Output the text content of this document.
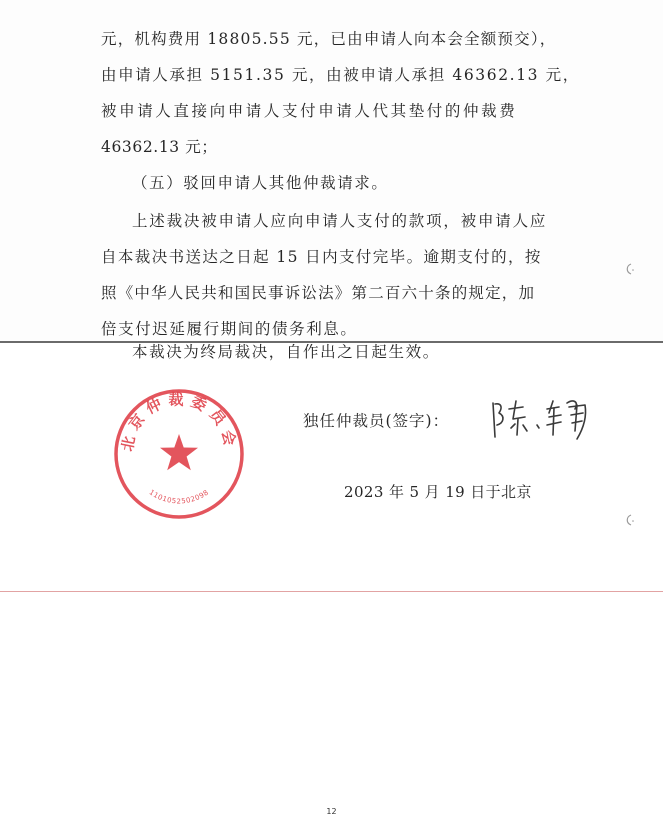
元，机构费用 18805.55 元，已由申请人向本会全额预交），
由申请人承担 5151.35 元，由被申请人承担 46362.13 元，
被申请人直接向申请人支付申请人代其垫付的仲裁费
46362.13 元；
（五）驳回申请人其他仲裁请求。
上述裁决被申请人应向申请人支付的款项，被申请人应
自本裁决书送达之日起 15 日内支付完毕。逾期支付的，按
照《中华人民共和国民事诉讼法》第二百六十条的规定，加
倍支付迟延履行期间的债务利息。
本裁决为终局裁决，自作出之日起生效。
北京仲裁委员会
1101052502098
独任仲裁员(签字)：
2023 年 5 月 19 日于北京
12
